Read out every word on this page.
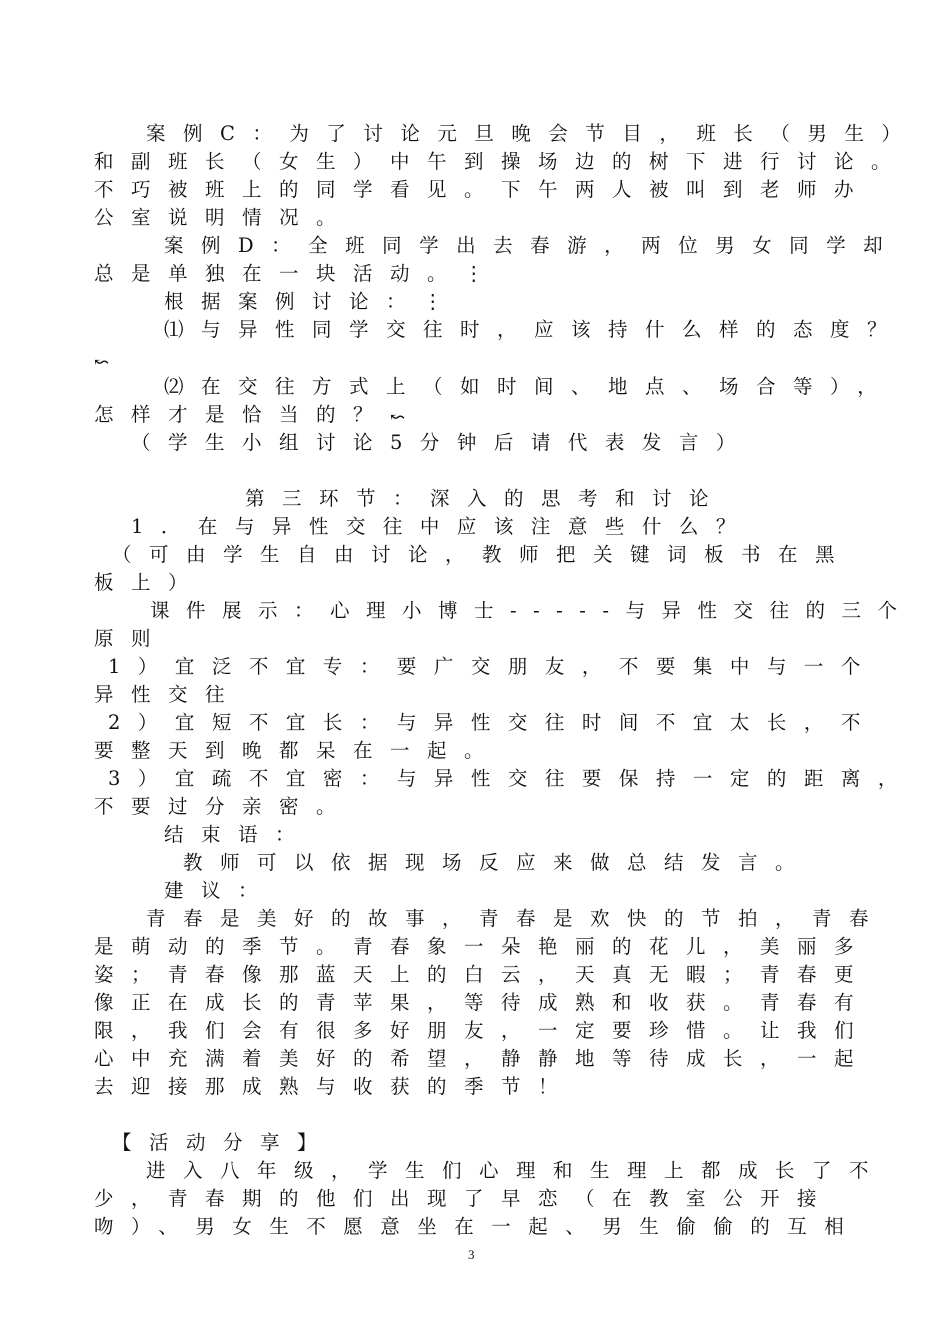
案例C：为了讨论元旦晚会节目，班长（男生）
和副班长（女生）中午到操场边的树下进行讨论。
不巧被班上的同学看见。下午两人被叫到老师办
公室说明情况。
案例D：全班同学出去春游，两位男女同学却
总是单独在一块活动。⋮
根据案例讨论：⋮
⑴与异性同学交往时，应该持什么样的态度？
↜
⑵在交往方式上（如时间、地点、场合等），
怎样才是恰当的？↜
（学生小组讨论5分钟后请代表发言）
第三环节：深入的思考和讨论
1．在与异性交往中应该注意些什么？
（可由学生自由讨论，教师把关键词板书在黑
板上）
课件展示：心理小博士-----与异性交往的三个
原则
1）宜泛不宜专：要广交朋友，不要集中与一个
异性交往
2）宜短不宜长：与异性交往时间不宜太长，不
要整天到晚都呆在一起。
3）宜疏不宜密：与异性交往要保持一定的距离，
不要过分亲密。
结束语：
教师可以依据现场反应来做总结发言。
建议：
青春是美好的故事，青春是欢快的节拍，青春
是萌动的季节。青春象一朵艳丽的花儿，美丽多
姿；青春像那蓝天上的白云，天真无暇；青春更
像正在成长的青苹果，等待成熟和收获。青春有
限，我们会有很多好朋友，一定要珍惜。让我们
心中充满着美好的希望，静静地等待成长，一起
去迎接那成熟与收获的季节！
【活动分享】
进入八年级，学生们心理和生理上都成长了不
少，青春期的他们出现了早恋（在教室公开接
吻）、男女生不愿意坐在一起、男生偷偷的互相
3
